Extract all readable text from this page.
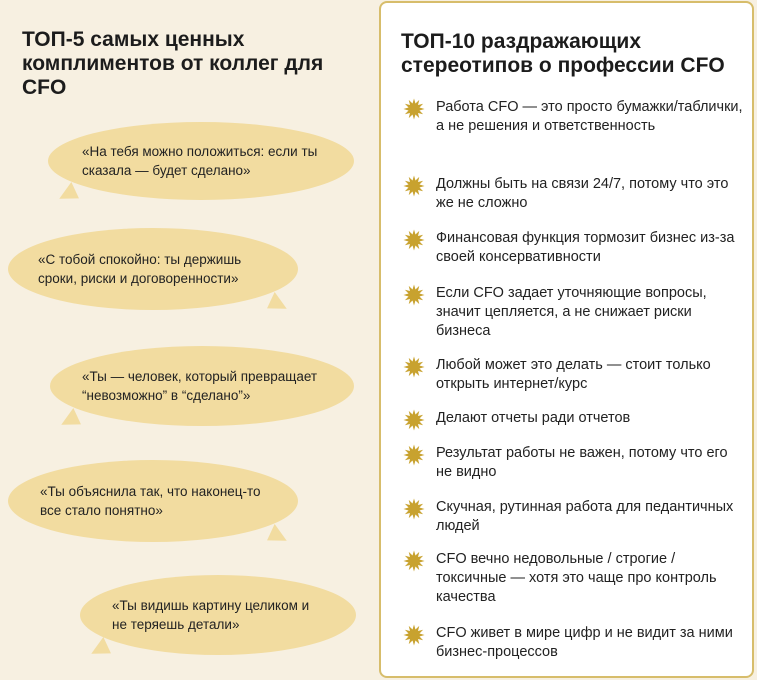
ТОП-5 самых ценных комплиментов от коллег для CFO
«На тебя можно положиться: если ты сказала — будет сделано»
«С тобой спокойно: ты держишь сроки, риски и договоренности»
«Ты — человек, который превращает “невозможно” в “сделано”»
«Ты объяснила так, что наконец-то все стало понятно»
«Ты видишь картину целиком и не теряешь детали»
ТОП-10 раздражающих стереотипов о профессии CFO
Работа CFO — это просто бумажки/таблички, а не решения и ответственность
Должны быть на связи 24/7, потому что это же не сложно
Финансовая функция тормозит бизнес из-за своей консервативности
Если CFO задает уточняющие вопросы, значит цепляется, а не снижает риски бизнеса
Любой может это делать — стоит только открыть интернет/курс
Делают отчеты ради отчетов
Результат работы не важен, потому что его не видно
Скучная, рутинная работа для педантичных людей
CFO вечно недовольные / строгие / токсичные — хотя это чаще про контроль качества
CFO живет в мире цифр и не видит за ними бизнес-процессов
